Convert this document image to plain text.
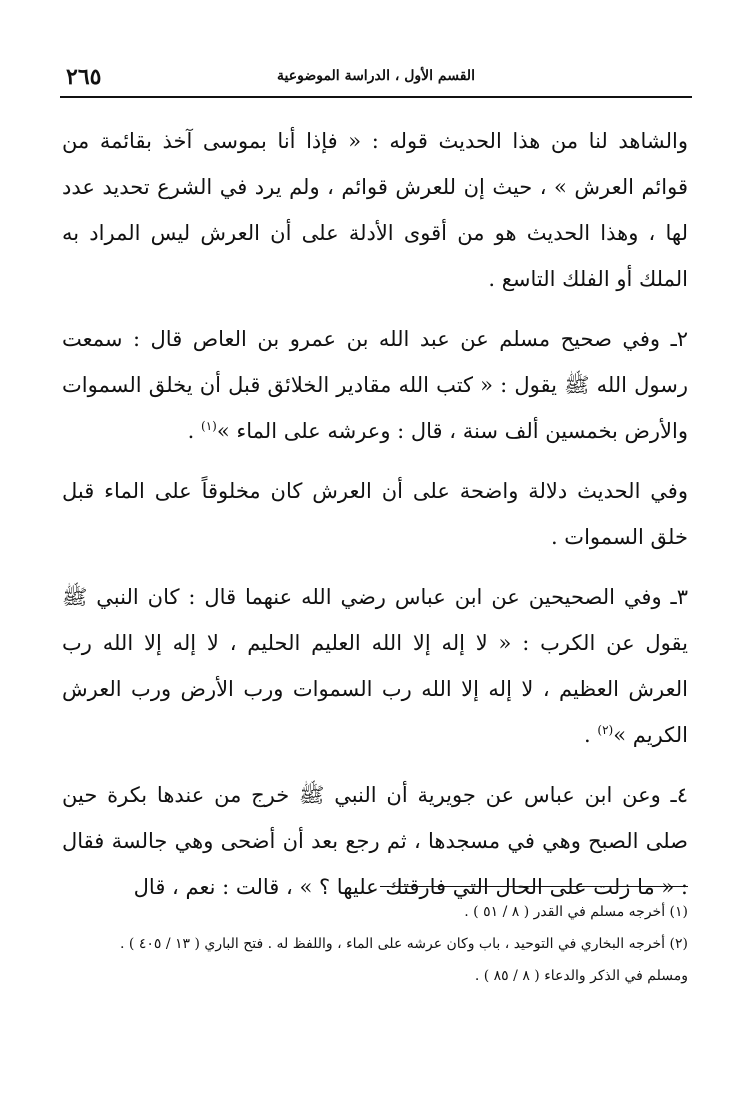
القسم الأول ، الدراسة الموضوعية
٢٦٥

والشاهد لنا من هذا الحديث قوله : « فإذا أنا بموسى آخذ بقائمة من قوائم العرش » ، حيث إن للعرش قوائم ، ولم يرد في الشرع تحديد عدد لها ، وهذا الحديث هو من أقوى الأدلة على أن العرش ليس المراد به الملك أو الفلك التاسع .

٢ـ وفي صحيح مسلم عن عبد الله بن عمرو بن العاص قال : سمعت رسول الله ﷺ يقول : « كتب الله مقادير الخلائق قبل أن يخلق السموات والأرض بخمسين ألف سنة ، قال : وعرشه على الماء »$^{(١)}$ .

وفي الحديث دلالة واضحة على أن العرش كان مخلوقاً على الماء قبل خلق السموات .

٣ـ وفي الصحيحين عن ابن عباس رضي الله عنهما قال : كان النبي ﷺ يقول عن الكرب : « لا إله إلا الله العليم الحليم ، لا إله إلا الله رب العرش العظيم ، لا إله إلا الله رب السموات ورب الأرض ورب العرش الكريم »$^{(٢)}$ .

٤ـ وعن ابن عباس عن جويرية أن النبي ﷺ خرج من عندها بكرة حين صلى الصبح وهي في مسجدها ، ثم رجع بعد أن أضحى وهي جالسة فقال : « ما زلت على الحال التي فارقتك عليها ؟ » ، قالت : نعم ، قال

(١) أخرجه مسلم في القدر ( ٨ / ٥١ ) .

(٢) أخرجه البخاري في التوحيد ، باب وكان عرشه على الماء ، واللفظ له . فتح الباري ( ١٣ / ٤٠٥ ) .

ومسلم في الذكر والدعاء ( ٨ / ٨٥ ) .
